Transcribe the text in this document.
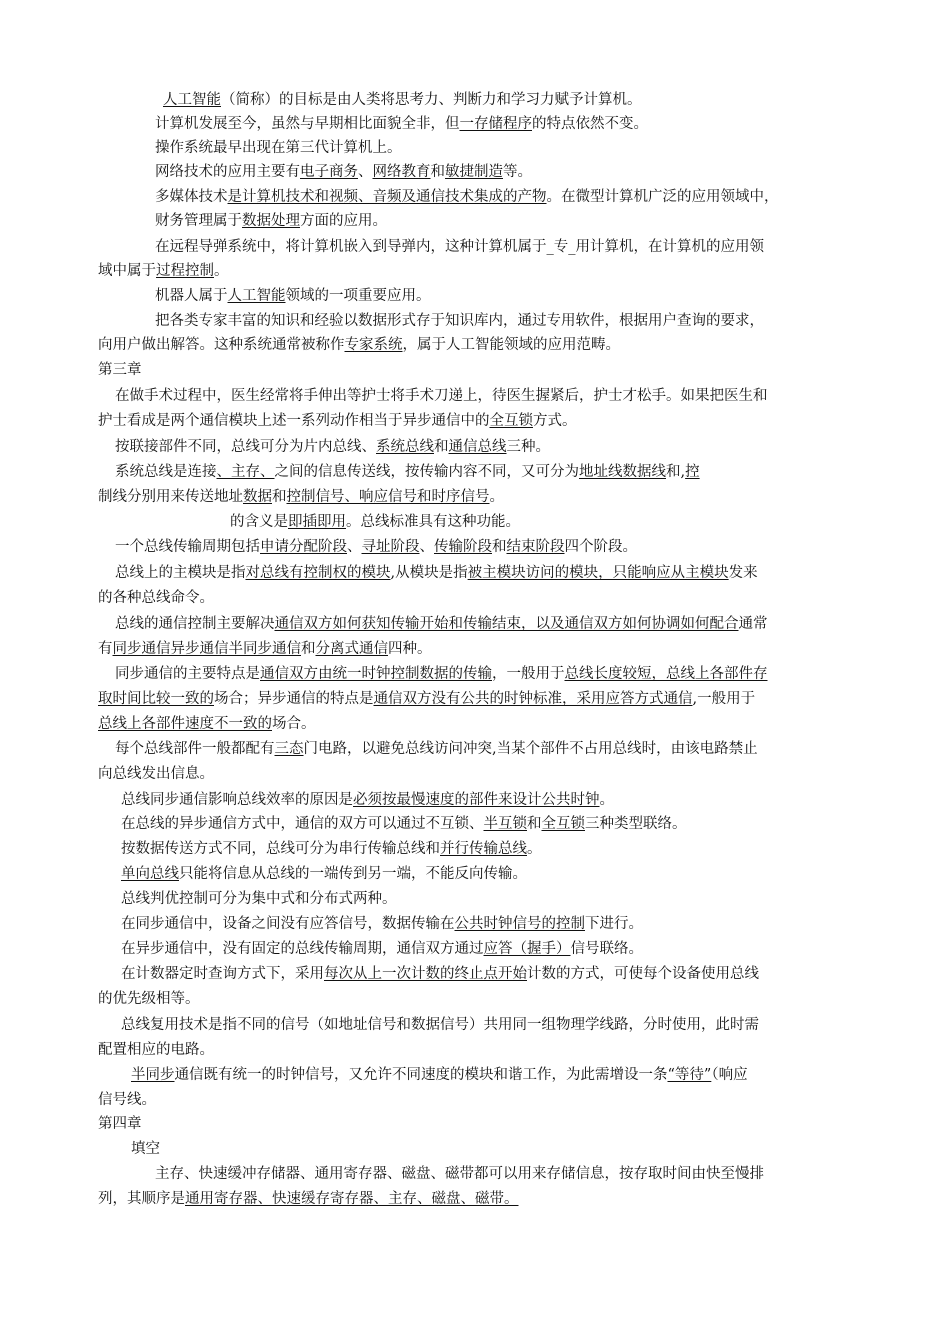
人工智能（简称）的目标是由人类将思考力、判断力和学习力赋予计算机。
计算机发展至今，虽然与早期相比面貌全非，但一存储程序的特点依然不变。
操作系统最早出现在第三代计算机上。
网络技术的应用主要有电子商务、网络教育和敏捷制造等。
多媒体技术是计算机技术和视频、音频及通信技术集成的产物。在微型计算机广泛的应用领域中，
财务管理属于数据处理方面的应用。
在远程导弹系统中，将计算机嵌入到导弹内，这种计算机属于_专_用计算机，在计算机的应用领
域中属于过程控制。
机器人属于人工智能领域的一项重要应用。
把各类专家丰富的知识和经验以数据形式存于知识库内，通过专用软件，根据用户查询的要求，
向用户做出解答。这种系统通常被称作专家系统，属于人工智能领域的应用范畴。
第三章
在做手术过程中，医生经常将手伸出等护士将手术刀递上，待医生握紧后，护士才松手。如果把医生和
护士看成是两个通信模块上述一系列动作相当于异步通信中的全互锁方式。
按联接部件不同，总线可分为片内总线、系统总线和通信总线三种。
系统总线是连接、主存、之间的信息传送线，按传输内容不同，又可分为地址线数据线和,控
制线分别用来传送地址数据和控制信号、响应信号和时序信号。
的含义是即插即用。总线标准具有这种功能。
一个总线传输周期包括申请分配阶段、寻址阶段、传输阶段和结束阶段四个阶段。
总线上的主模块是指对总线有控制权的模块,从模块是指被主模块访问的模块，只能响应从主模块发来
的各种总线命令。
总线的通信控制主要解决通信双方如何获知传输开始和传输结束，以及通信双方如何协调如何配合通常
有同步通信异步通信半同步通信和分离式通信四种。
同步通信的主要特点是通信双方由统一时钟控制数据的传输，一般用于总线长度较短，总线上各部件存
取时间比较一致的场合；异步通信的特点是通信双方没有公共的时钟标准，采用应答方式通信,一般用于
总线上各部件速度不一致的场合。
每个总线部件一般都配有三态门电路，以避免总线访问冲突,当某个部件不占用总线时，由该电路禁止
向总线发出信息。
总线同步通信影响总线效率的原因是必须按最慢速度的部件来设计公共时钟。
在总线的异步通信方式中，通信的双方可以通过不互锁、半互锁和全互锁三种类型联络。
按数据传送方式不同，总线可分为串行传输总线和并行传输总线。
单向总线只能将信息从总线的一端传到另一端，不能反向传输。
总线判优控制可分为集中式和分布式两种。
在同步通信中，设备之间没有应答信号，数据传输在公共时钟信号的控制下进行。
在异步通信中，没有固定的总线传输周期，通信双方通过应答（握手）信号联络。
在计数器定时查询方式下，采用每次从上一次计数的终止点开始计数的方式，可使每个设备使用总线
的优先级相等。
总线复用技术是指不同的信号（如地址信号和数据信号）共用同一组物理学线路，分时使用，此时需
配置相应的电路。
半同步通信既有统一的时钟信号，又允许不同速度的模块和谐工作，为此需增设一条“等待”（响应
信号线。
第四章
填空
主存、快速缓冲存储器、通用寄存器、磁盘、磁带都可以用来存储信息，按存取时间由快至慢排
列，其顺序是通用寄存器、快速缓存寄存器、主存、磁盘、磁带。
